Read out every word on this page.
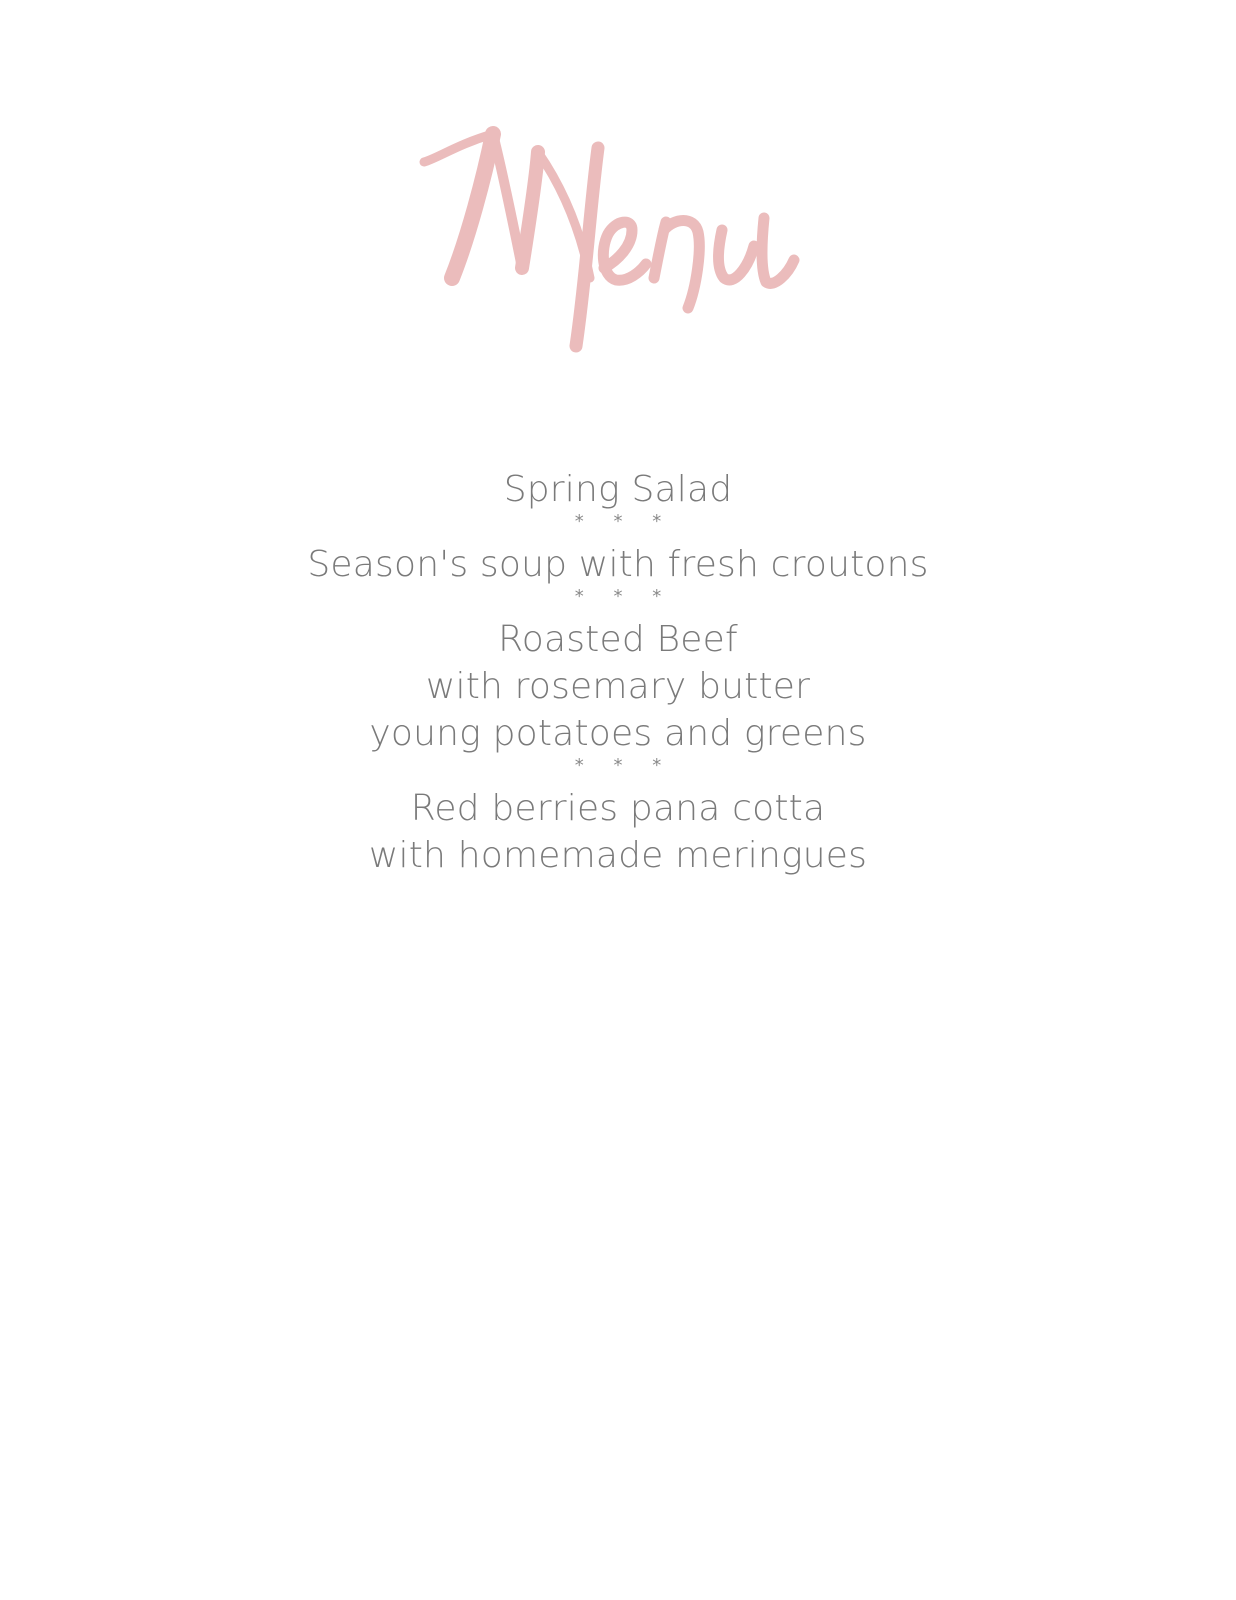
Menu
Spring Salad
* * *
Season's soup with fresh croutons
* * *
Roasted Beef
with rosemary butter
young potatoes and greens
* * *
Red berries pana cotta
with homemade meringues
